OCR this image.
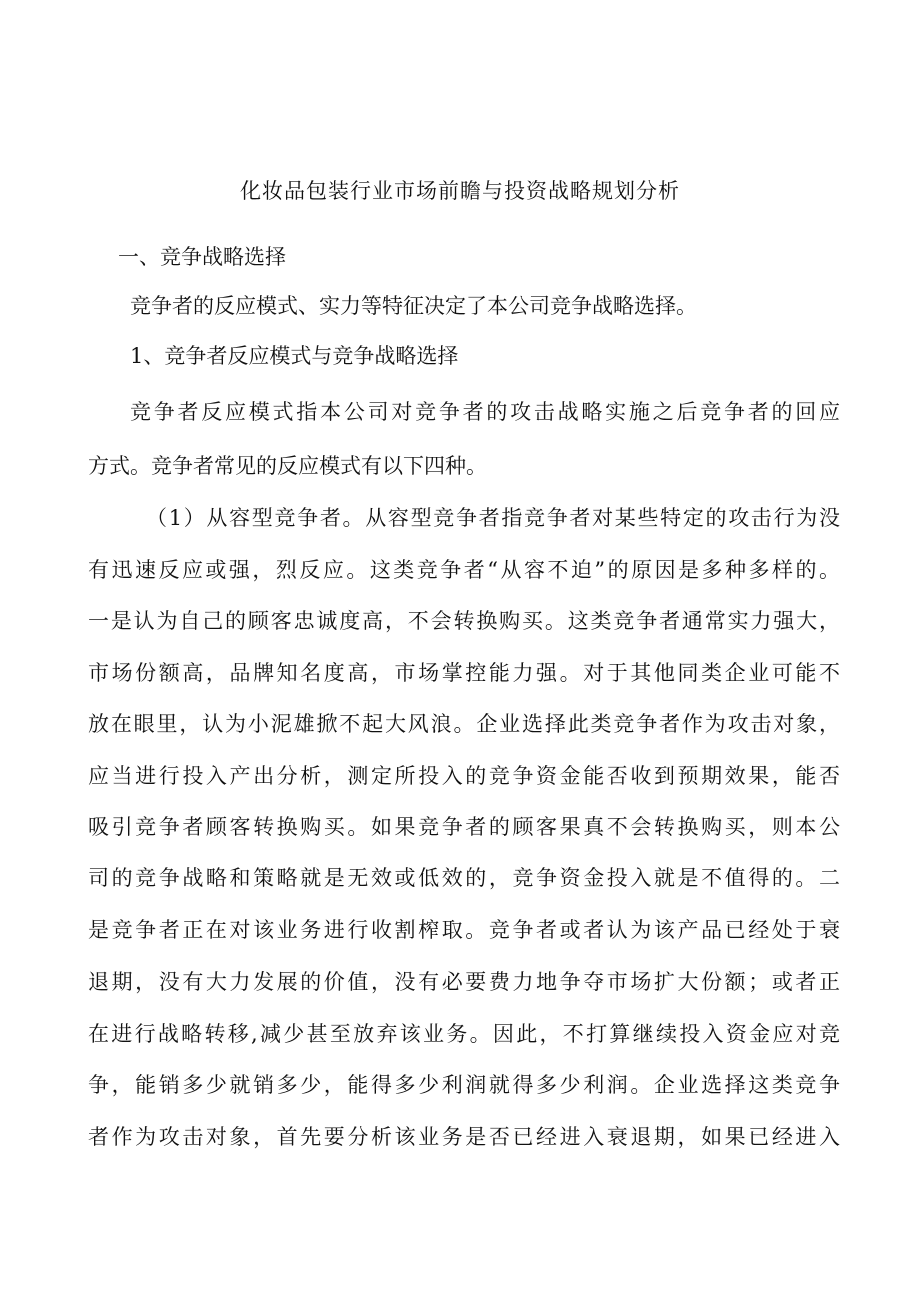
化妆品包装行业市场前瞻与投资战略规划分析

一、竞争战略选择

竞争者的反应模式、实力等特征决定了本公司竞争战略选择。

1、竞争者反应模式与竞争战略选择

竞争者反应模式指本公司对竞争者的攻击战略实施之后竞争者的回应

方式。竞争者常见的反应模式有以下四种。

（1）从容型竞争者。从容型竞争者指竞争者对某些特定的攻击行为没

有迅速反应或强，烈反应。这类竞争者“从容不迫”的原因是多种多样的。

一是认为自己的顾客忠诚度高，不会转换购买。这类竞争者通常实力强大，

市场份额高，品牌知名度高，市场掌控能力强。对于其他同类企业可能不

放在眼里，认为小泥雄掀不起大风浪。企业选择此类竞争者作为攻击对象，

应当进行投入产出分析，测定所投入的竞争资金能否收到预期效果，能否

吸引竞争者顾客转换购买。如果竞争者的顾客果真不会转换购买，则本公

司的竞争战略和策略就是无效或低效的，竞争资金投入就是不值得的。二

是竞争者正在对该业务进行收割榨取。竞争者或者认为该产品已经处于衰

退期，没有大力发展的价值，没有必要费力地争夺市场扩大份额；或者正

在进行战略转移,减少甚至放弃该业务。因此，不打算继续投入资金应对竞

争，能销多少就销多少，能得多少利润就得多少利润。企业选择这类竞争

者作为攻击对象，首先要分析该业务是否已经进入衰退期，如果已经进入
